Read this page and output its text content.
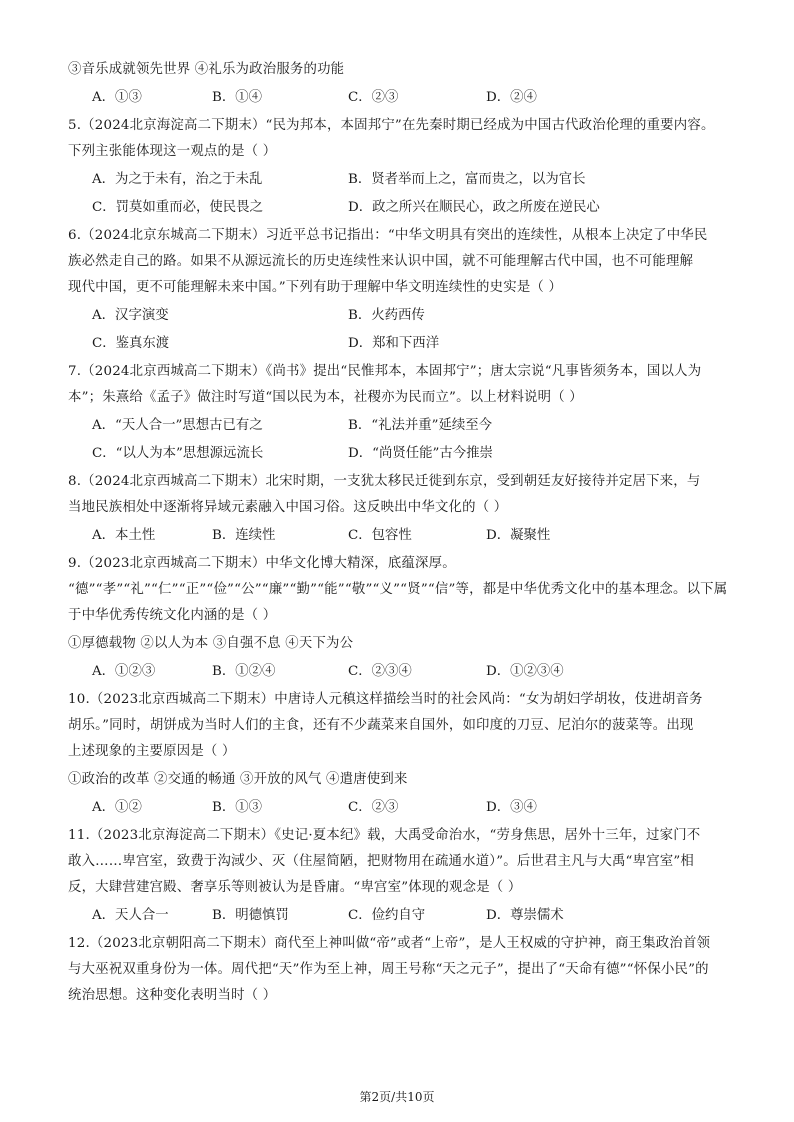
③音乐成就领先世界 ④礼乐为政治服务的功能
A．①③	B．①④	C．②③	D．②④
5.（2024北京海淀高二下期末）“民为邦本，本固邦宁”在先秦时期已经成为中国古代政治伦理的重要内容。
下列主张能体现这一观点的是（ ）
A．为之于未有，治之于未乱	B．贤者举而上之，富而贵之，以为官长
C．罚莫如重而必，使民畏之	D．政之所兴在顺民心，政之所废在逆民心
6.（2024北京东城高二下期末）习近平总书记指出：“中华文明具有突出的连续性，从根本上决定了中华民
族必然走自己的路。如果不从源远流长的历史连续性来认识中国，就不可能理解古代中国，也不可能理解
现代中国，更不可能理解未来中国。”下列有助于理解中华文明连续性的史实是（ ）
A．汉字演变	B．火药西传
C．鉴真东渡	D．郑和下西洋
7.（2024北京西城高二下期末）《尚书》提出“民惟邦本，本固邦宁”；唐太宗说“凡事皆须务本，国以人为
本”；朱熹给《孟子》做注时写道“国以民为本，社稷亦为民而立”。以上材料说明（ ）
A．“天人合一”思想古已有之	B．“礼法并重”延续至今
C．“以人为本”思想源远流长	D．“尚贤任能”古今推崇
8.（2024北京西城高二下期末）北宋时期，一支犹太移民迁徙到东京，受到朝廷友好接待并定居下来，与
当地民族相处中逐渐将异域元素融入中国习俗。这反映出中华文化的（ ）
A．本土性	B．连续性	C．包容性	D．凝聚性
9.（2023北京西城高二下期末）中华文化博大精深，底蕴深厚。
“德”“孝”“礼”“仁”“正”“俭”“公”“廉”“勤”“能”“敬”“义”“贤”“信”等，都是中华优秀文化中的基本理念。以下属
于中华优秀传统文化内涵的是（ ）
①厚德载物 ②以人为本 ③自强不息 ④天下为公
A．①②③	B．①②④	C．②③④	D．①②③④
10.（2023北京西城高二下期末）中唐诗人元稹这样描绘当时的社会风尚：“女为胡妇学胡妆，伎进胡音务
胡乐。”同时，胡饼成为当时人们的主食，还有不少蔬菜来自国外，如印度的刀豆、尼泊尔的菠菜等。出现
上述现象的主要原因是（ ）
①政治的改革 ②交通的畅通 ③开放的风气 ④遣唐使到来
A．①②	B．①③	C．②③	D．③④
11.（2023北京海淀高二下期末）《史记·夏本纪》载，大禹受命治水，“劳身焦思，居外十三年，过家门不
敢入……卑宫室，致费于沟淢少、灭（住屋简陋，把财物用在疏通水道）”。后世君主凡与大禹“卑宫室”相
反，大肆营建宫殿、奢享乐等则被认为是昏庸。“卑宫室”体现的观念是（ ）
A．天人合一	B．明德慎罚	C．俭约自守	D．尊崇儒术
12.（2023北京朝阳高二下期末）商代至上神叫做“帝”或者“上帝”，是人王权威的守护神，商王集政治首领
与大巫祝双重身份为一体。周代把“天”作为至上神，周王号称“天之元子”，提出了“天命有德”“怀保小民”的
统治思想。这种变化表明当时（ ）
第2页/共10页
